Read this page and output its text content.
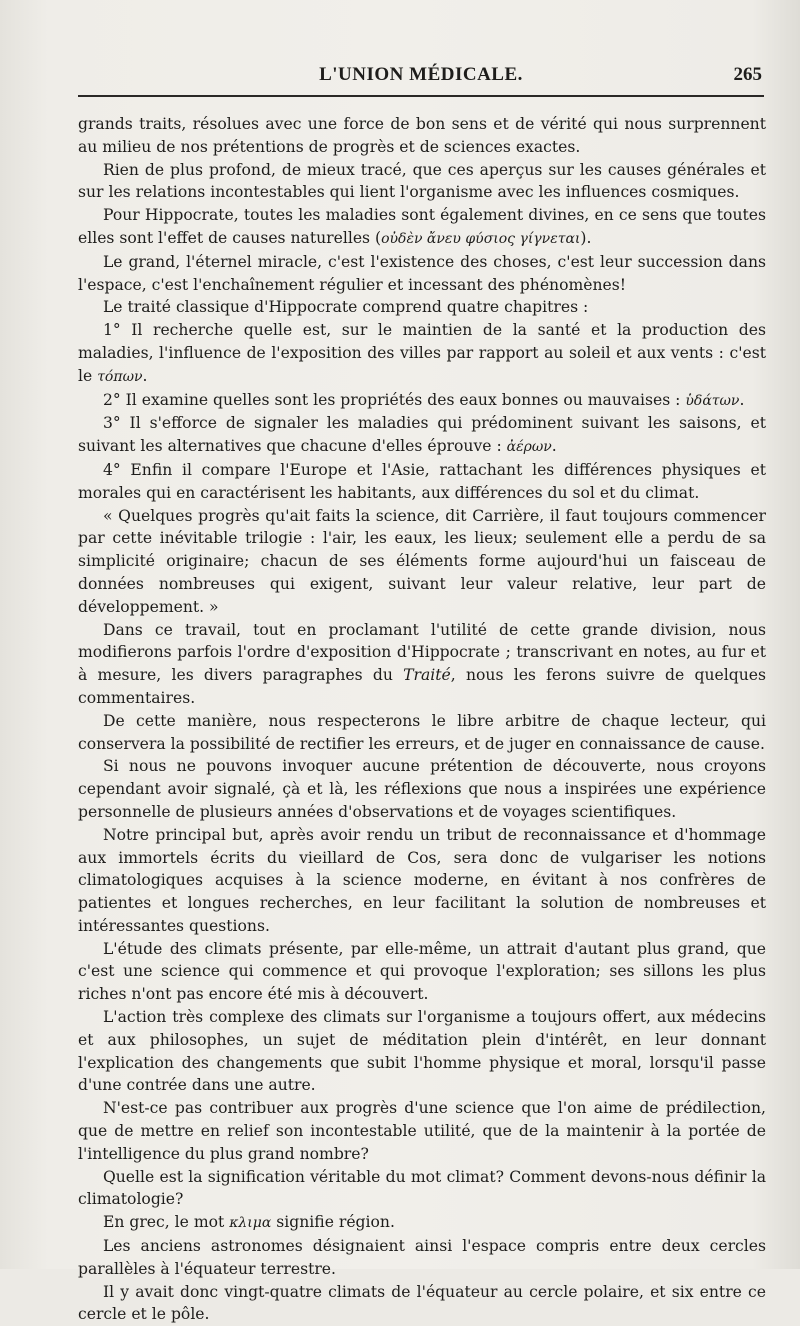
L'UNION MÉDICALE.	265

grands traits, résolues avec une force de bon sens et de vérité qui nous surprennent au milieu de nos prétentions de progrès et de sciences exactes.

Rien de plus profond, de mieux tracé, que ces aperçus sur les causes générales et sur les relations incontestables qui lient l'organisme avec les influences cosmiques.

Pour Hippocrate, toutes les maladies sont également divines, en ce sens que toutes elles sont l'effet de causes naturelles (οὐδὲν ἄνευ φύσιος γίγνεται).

Le grand, l'éternel miracle, c'est l'existence des choses, c'est leur succession dans l'espace, c'est l'enchaînement régulier et incessant des phénomènes!

Le traité classique d'Hippocrate comprend quatre chapitres :

1° Il recherche quelle est, sur le maintien de la santé et la production des maladies, l'influence de l'exposition des villes par rapport au soleil et aux vents : c'est le τόπων.

2° Il examine quelles sont les propriétés des eaux bonnes ou mauvaises : ὑδάτων.

3° Il s'efforce de signaler les maladies qui prédominent suivant les saisons, et suivant les alternatives que chacune d'elles éprouve : ἀέρων.

4° Enfin il compare l'Europe et l'Asie, rattachant les différences physiques et morales qui en caractérisent les habitants, aux différences du sol et du climat.

« Quelques progrès qu'ait faits la science, dit Carrière, il faut toujours commencer par cette inévitable trilogie : l'air, les eaux, les lieux; seulement elle a perdu de sa simplicité originaire; chacun de ses éléments forme aujourd'hui un faisceau de données nombreuses qui exigent, suivant leur valeur relative, leur part de développement. »

Dans ce travail, tout en proclamant l'utilité de cette grande division, nous modifierons parfois l'ordre d'exposition d'Hippocrate ; transcrivant en notes, au fur et à mesure, les divers paragraphes du Traité, nous les ferons suivre de quelques commentaires.

De cette manière, nous respecterons le libre arbitre de chaque lecteur, qui conservera la possibilité de rectifier les erreurs, et de juger en connaissance de cause.

Si nous ne pouvons invoquer aucune prétention de découverte, nous croyons cependant avoir signalé, çà et là, les réflexions que nous a inspirées une expérience personnelle de plusieurs années d'observations et de voyages scientifiques.

Notre principal but, après avoir rendu un tribut de reconnaissance et d'hommage aux immortels écrits du vieillard de Cos, sera donc de vulgariser les notions climatologiques acquises à la science moderne, en évitant à nos confrères de patientes et longues recherches, en leur facilitant la solution de nombreuses et intéressantes questions.

L'étude des climats présente, par elle-même, un attrait d'autant plus grand, que c'est une science qui commence et qui provoque l'exploration; ses sillons les plus riches n'ont pas encore été mis à découvert.

L'action très complexe des climats sur l'organisme a toujours offert, aux médecins et aux philosophes, un sujet de méditation plein d'intérêt, en leur donnant l'explication des changements que subit l'homme physique et moral, lorsqu'il passe d'une contrée dans une autre.

N'est-ce pas contribuer aux progrès d'une science que l'on aime de prédilection, que de mettre en relief son incontestable utilité, que de la maintenir à la portée de l'intelligence du plus grand nombre?

Quelle est la signification véritable du mot climat? Comment devons-nous définir la climatologie?

En grec, le mot κλιμα signifie région.

Les anciens astronomes désignaient ainsi l'espace compris entre deux cercles parallèles à l'équateur terrestre.

Il y avait donc vingt-quatre climats de l'équateur au cercle polaire, et six entre ce cercle et le pôle.
